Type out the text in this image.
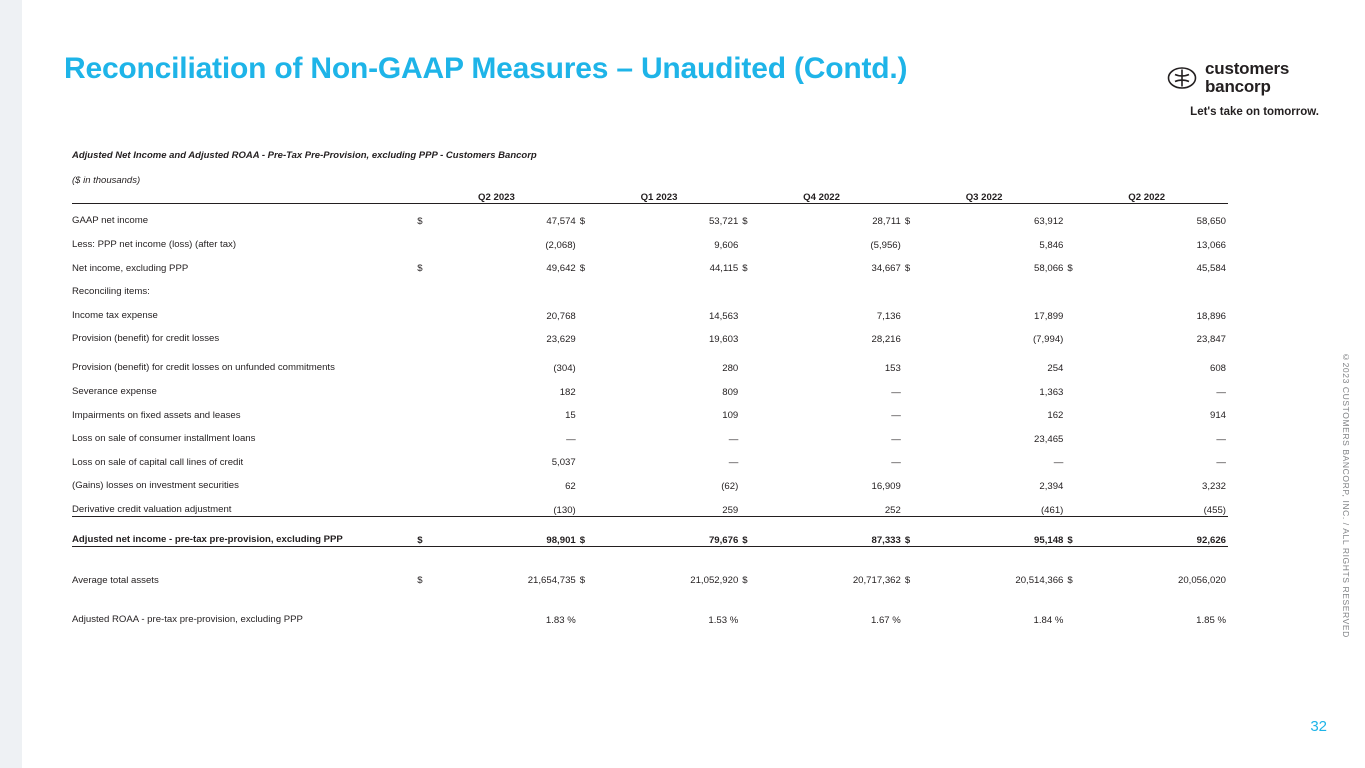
Reconciliation of Non-GAAP Measures – Unaudited (Contd.)	customers
bancorp
Let's take on tomorrow.
©2023 CUSTOMERS BANCORP, INC. / ALL RIGHTS RESERVED
32
Adjusted Net Income and Adjusted ROAA - Pre-Tax Pre-Provision, excluding PPP - Customers Bancorp
($ in thousands)
	Q2 2023		Q1 2023		Q4 2022		Q3 2022		Q2 2022	

GAAP net income	$	47,574	$	53,721	$	28,711	$	63,912		58,650
Less: PPP net income (loss) (after tax)		(2,068)		9,606		(5,956)		5,846		13,066
Net income, excluding PPP	$	49,642	$	44,115	$	34,667	$	58,066	$	45,584
Reconciling items:										
Income tax expense		20,768		14,563		7,136		17,899		18,896
Provision (benefit) for credit losses		23,629		19,603		28,216		(7,994)		23,847
Provision (benefit) for credit losses on unfunded commitments		(304)		280		153		254		608
Severance expense		182		809		—		1,363		—
Impairments on fixed assets and leases		15		109		—		162		914
Loss on sale of consumer installment loans		—		—		—		23,465		—
Loss on sale of capital call lines of credit		5,037		—		—		—		—
(Gains) losses on investment securities		62		(62)		16,909		2,394		3,232
Derivative credit valuation adjustment		(130)		259		252		(461)		(455)

Adjusted net income - pre-tax pre-provision, excluding PPP	$	98,901	$	79,676	$	87,333	$	95,148	$	92,626

Average total assets	$	21,654,735	$	21,052,920	$	20,717,362	$	20,514,366	$	20,056,020

Adjusted ROAA - pre-tax pre-provision, excluding PPP		1.83 %		1.53 %		1.67 %		1.84 %		1.85 %
